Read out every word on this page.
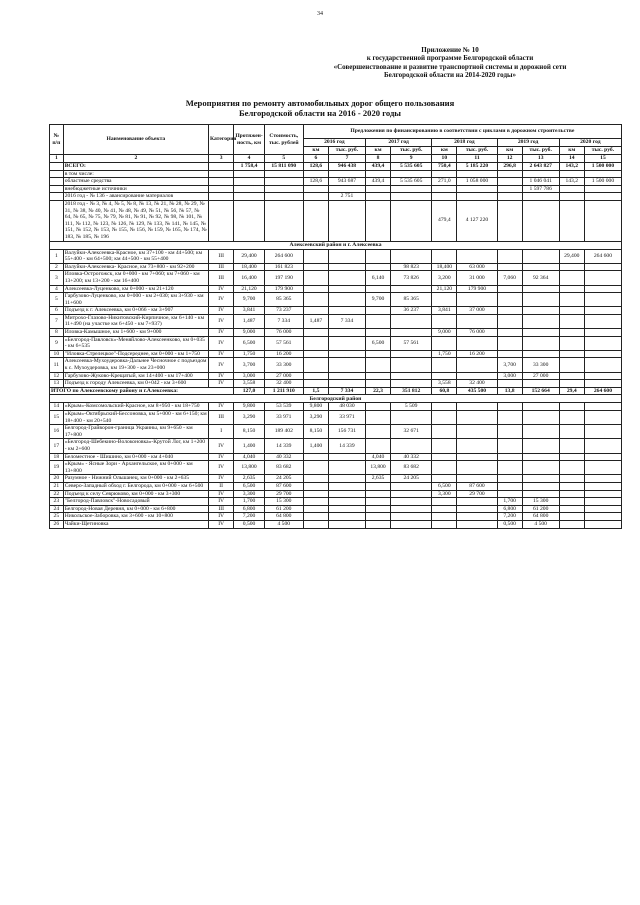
34
Приложение № 10
к государственной программе Белгородской области
«Совершенствование и развитие транспортной системы и дорожной сети
Белгородской области на 2014-2020 годы»
Мероприятия по ремонту автомобильных дорог общего пользования
Белгородской области на 2016 - 2020 годы
№ п/п	Наименование объекта	Категория	Протяжен-ность, км	Стоимость, тыс. рублей	Предложения по финансированию в соответствии с циклами в дорожном строительстве									
					2016 год		2017 год		2018 год		2019 год		2020 год	
					км	тыс. руб.	км	тыс. руб.	км	тыс. руб.	км	тыс. руб.	км	тыс. руб.
1	2	3	4	5	6	7	8	9	10	11	12	13	14	15
	ВСЕГО:		1 758,4	15 811 090	128,6	946 438	439,4	5 535 605	750,4	5 185 220	296,8	2 643 827	143,2	1 500 000
	в том числе:													
	областные средства				128,6	943 687	439,4	5 535 605	271,0	1 058 000		1 046 041	143,2	1 500 000
	внебюджетные источники											1 597 786		
	2016 год - № 136 - авансирование материалов					2 751								
	2018 год - № 3, № 4, № 5, № 8, № 13, № 21, № 28, № 29, № 31, № 38, № 40, № 41, № 48, № 49, № 51, № 56, № 57, № 64, № 65, № 75, № 79, № 81, № 91, № 92, № 98, № 101, № 111, № 112, № 123, № 126, № 129, № 133, № 141, № 145, № 151, № 152, № 153, № 155, № 156, № 159, № 165, № 174, № 183, № 185, № 196								479,4	4 127 220				
Алексеевский район и г. Алексеевка														
1	Валуйки-Алексеевка-Красное, км 37+100 - км 44+500; км 55+400 - км 64+500; км 44+500 - км 55+400	III	29,400	264 600									29,400	264 600
2	Валуйки-Алексеевка- Красное, км 73+800 - км 92+200	III	18,400	161 823				98 823	18,400	63 000				
3	Иловка-Острогожск, км 0+000 - км 7+060; км 7+060 - км 13+200; км 13+200 - км 16+400	III	16,400	197 190			6,140	73 826	3,200	31 000	7,060	92 364		
4	Алексеевка-Луценково, км 0+000 - км 21+120	IV	21,120	179 900					21,120	179 900				
5	Гарбузово-Луценково, км 0+000 - км 2+030; км 3+930 - км 11+600	IV	9,700	85 365			9,700	85 365						
6	Подъезд к г. Алексеевка, км 0+066 - км 3+907	IV	3,841	73 237				36 237	3,841	37 000				
7	Митрохо-Глазово-Никитовский-Кирпичное, км 6+140 - км 11+490 (на участке км 6+450 - км 7+937)	IV	1,487	7 334	1,487	7 334								
8	Иловка-Камышное, км 1+600 - км 9+000	IV	9,000	76 000					9,000	76 000				
9	«Белгород-Павловск»-Меняйлово-Алексеенково, км 0+035 - км 6+535	IV	6,500	57 561			6,500	57 561						
10	"Иловка-Стрелецкое"-Подсереднее, км 0+000 - км 1+750	IV	1,750	16 200					1,750	16 200				
11	Алексеевка-Мухоудеровка-Дальнее Чесночное с подъездом к с. Мухоудеровка, км 19+300 - км 23+000	IV	3,700	33 300							3,700	33 300		
12	Гарбузово-Жуково-Крещатый, км 14+400 - км 17+400	IV	3,000	27 000							3,000	27 000		
13	Подъезд к городу Алексеевка, км 0+042 - км 3+600	IV	3,558	32 400					3,558	32 400				
ИТОГО по Алексеевскому району и г.Алексеевка:			127,0	1 211 910	1,5	7 334	22,3	351 812	60,8	435 500	13,8	152 664	29,4	264 600
Белгородский район														
14	«Крым»-Комсомольский-Красное, км 8+950 - км 18+750	IV	9,800	53 539	9,800	48 030		5 509						
15	«Крым»-Октябрьский-Бессоновка, км 5+000 - км 6+150; км 18+400 - км 20+540	III	3,290	33 971	3,290	33 971								
16	Белгород-Грайворон-граница Украины, км 9+650 - км 17+800	I	8,150	189 402	8,150	156 731		32 671						
17	«Белгород-Шебекино-Волоконовка»-Крутой Лог, км 1+200 - км 2+600	IV	1,400	14 339	1,400	14 339								
18	Беломестное - Шишино, км 0+000 - км 4+040	IV	4,040	40 332			4,040	40 332						
19	«Крым» - Ясные Зори - Архангельское, км 0+000 - км 13+800	IV	13,800	83 682			13,800	83 682						
20	Разумное - Нижний Ольшанец, км 0+000 - км 2+635	IV	2,635	24 205			2,635	24 205						
21	Северо-Западный обход г. Белгорода, км 0+000 - км 6+500	II	6,500	87 600					6,500	87 600				
22	Подъезд к селу Севрюково, км 0+000 - км 3+300	IV	3,300	29 700					3,300	29 700				
23	"Белгород-Павловск"-Новосадовый	IV	1,700	15 300							1,700	15 300		
24	Белгород-Новая Деревня, км 0+000 - км 6+800	III	6,800	61 200							6,800	61 200		
25	Никольское-Заборовка, км 3+600 - км 10+800	IV	7,200	64 800							7,200	64 800		
26	Чайки-Щетиновка	IV	0,500	4 500							0,500	4 500		
